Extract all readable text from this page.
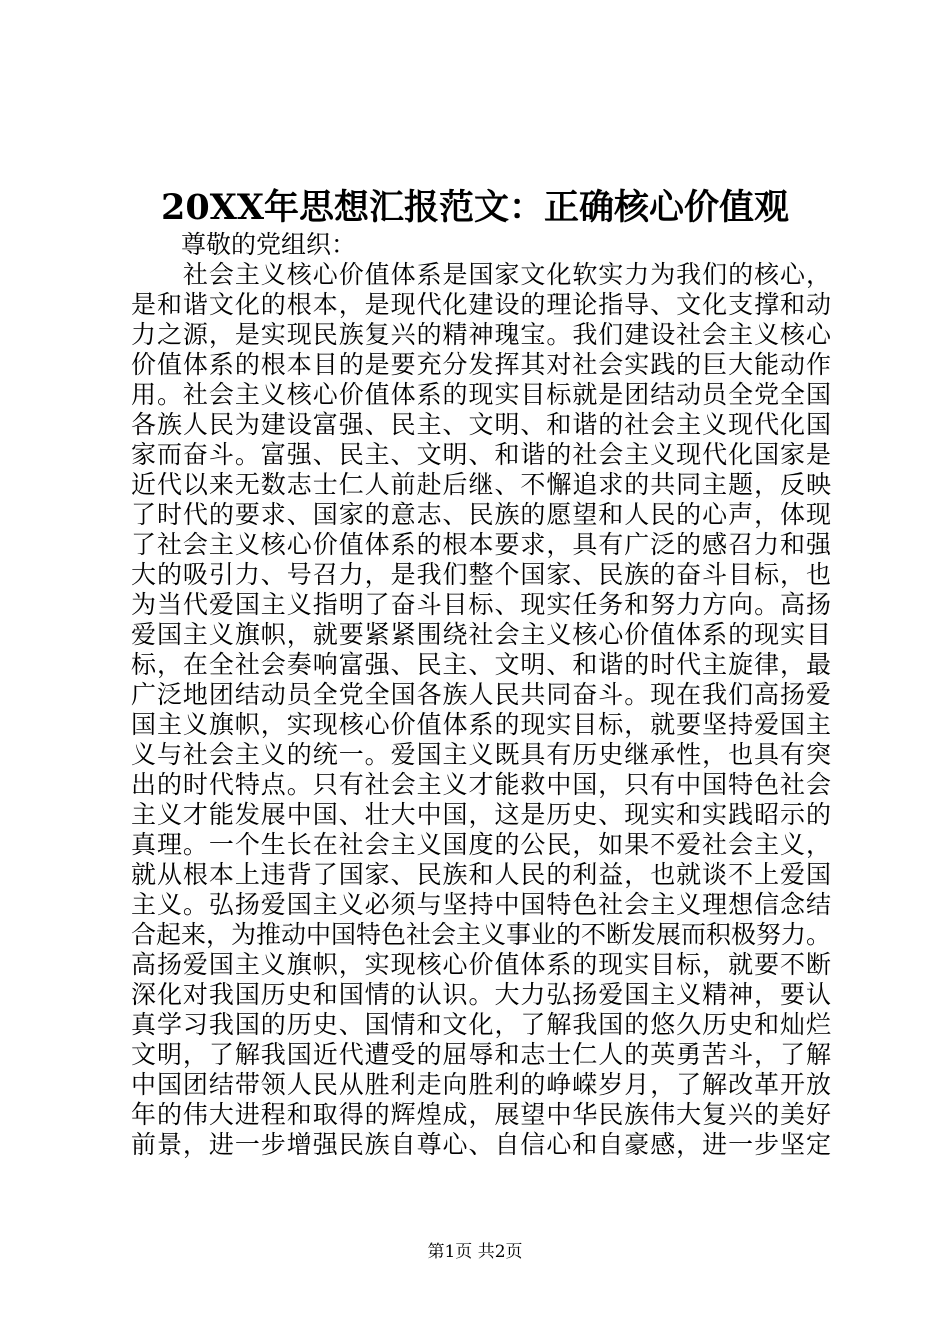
20XX年思想汇报范文：正确核心价值观
尊敬的党组织：
　　社会主义核心价值体系是国家文化软实力为我们的核心，
是和谐文化的根本，是现代化建设的理论指导、文化支撑和动
力之源，是实现民族复兴的精神瑰宝。我们建设社会主义核心
价值体系的根本目的是要充分发挥其对社会实践的巨大能动作
用。社会主义核心价值体系的现实目标就是团结动员全党全国
各族人民为建设富强、民主、文明、和谐的社会主义现代化国
家而奋斗。富强、民主、文明、和谐的社会主义现代化国家是
近代以来无数志士仁人前赴后继、不懈追求的共同主题，反映
了时代的要求、国家的意志、民族的愿望和人民的心声，体现
了社会主义核心价值体系的根本要求，具有广泛的感召力和强
大的吸引力、号召力，是我们整个国家、民族的奋斗目标，也
为当代爱国主义指明了奋斗目标、现实任务和努力方向。高扬
爱国主义旗帜，就要紧紧围绕社会主义核心价值体系的现实目
标，在全社会奏响富强、民主、文明、和谐的时代主旋律，最
广泛地团结动员全党全国各族人民共同奋斗。现在我们高扬爱
国主义旗帜，实现核心价值体系的现实目标，就要坚持爱国主
义与社会主义的统一。爱国主义既具有历史继承性，也具有突
出的时代特点。只有社会主义才能救中国，只有中国特色社会
主义才能发展中国、壮大中国，这是历史、现实和实践昭示的
真理。一个生长在社会主义国度的公民，如果不爱社会主义，
就从根本上违背了国家、民族和人民的利益，也就谈不上爱国
主义。弘扬爱国主义必须与坚持中国特色社会主义理想信念结
合起来，为推动中国特色社会主义事业的不断发展而积极努力。
高扬爱国主义旗帜，实现核心价值体系的现实目标，就要不断
深化对我国历史和国情的认识。大力弘扬爱国主义精神，要认
真学习我国的历史、国情和文化，了解我国的悠久历史和灿烂
文明，了解我国近代遭受的屈辱和志士仁人的英勇苦斗，了解
中国团结带领人民从胜利走向胜利的峥嵘岁月，了解改革开放
年的伟大进程和取得的辉煌成，展望中华民族伟大复兴的美好
前景，进一步增强民族自尊心、自信心和自豪感，进一步坚定
第1页 共2页
